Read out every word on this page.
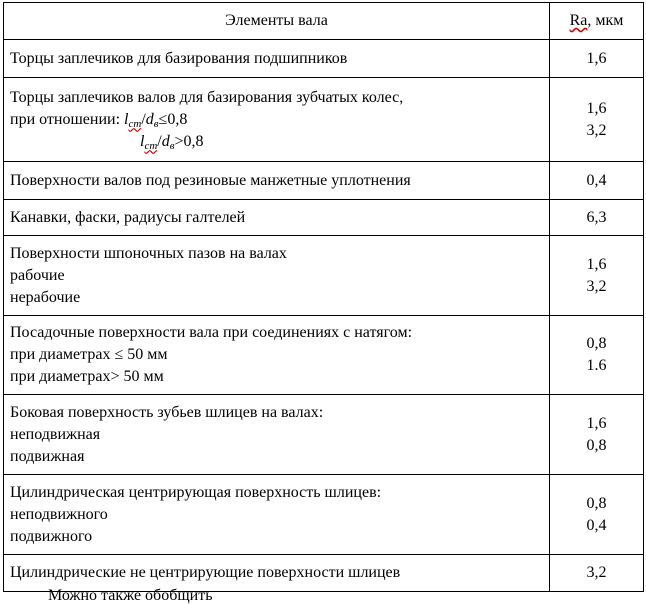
Элементы вала	Ra, мкм

Торцы заплечиков для базирования подшипников	1,6

Торцы заплечиков валов для базирования зубчатых колес,
при отношении: $l_{cm}/d_в\le 0,8$
$l_{cm}/d_в>0,8$	1,6
3,2

Поверхности валов под резиновые манжетные уплотнения	0,4

Канавки, фаски, радиусы галтелей	6,3

Поверхности шпоночных пазов на валах
рабочие
нерабочие	1,6
3,2

Посадочные поверхности вала при соединениях с натягом:
при диаметрах ≤ 50 мм
при диаметрах> 50 мм	0,8
1.6

Боковая поверхность зубьев шлицев на валах:
неподвижная
подвижная	1,6
0,8

Цилиндрическая центрирующая поверхность шлицев:
неподвижного
подвижного	0,8
0,4

Цилиндрические не центрирующие поверхности шлицев	3,2
Можно также обобщить
